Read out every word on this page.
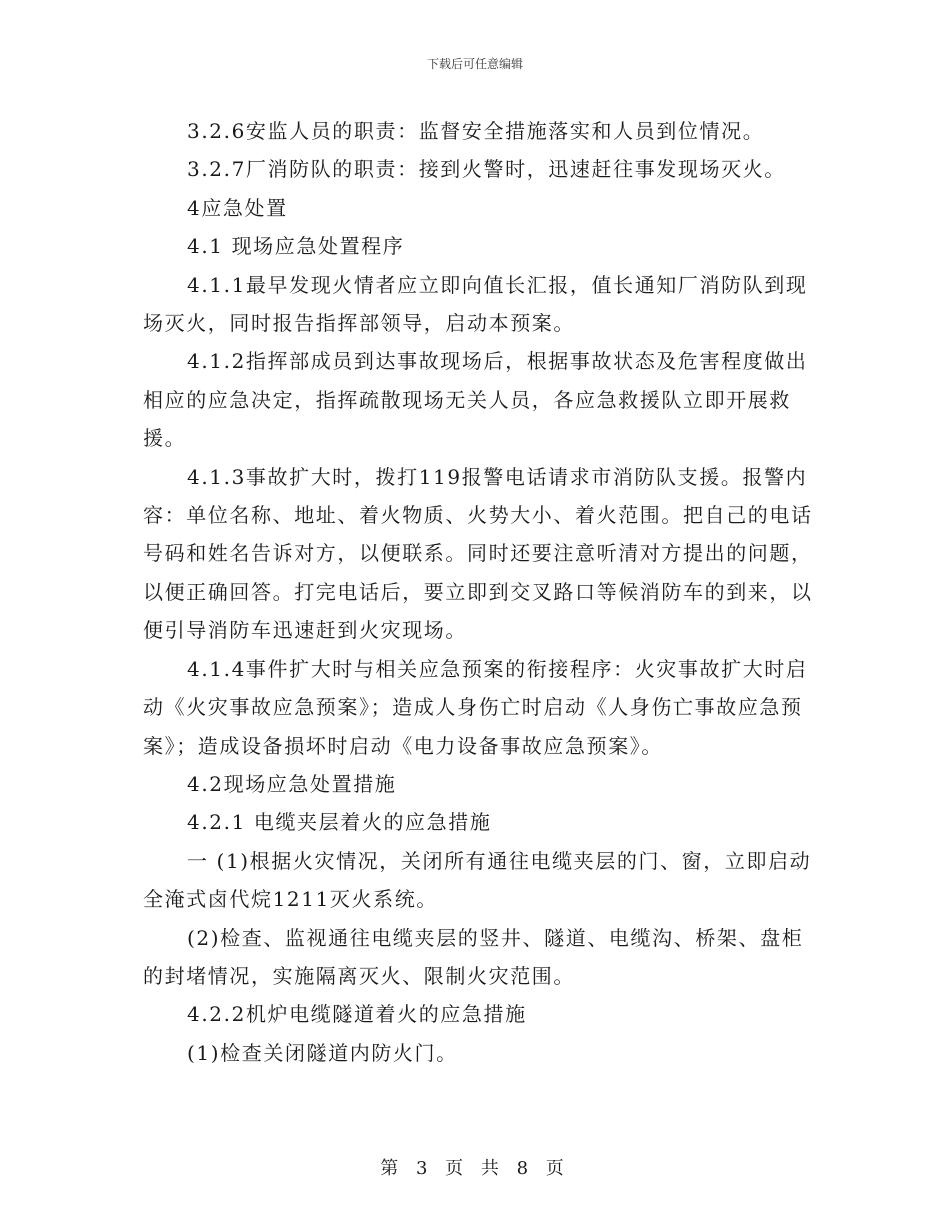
下载后可任意编辑

3.2.6安监人员的职责：监督安全措施落实和人员到位情况。

3.2.7厂消防队的职责：接到火警时，迅速赶往事发现场灭火。

4应急处置

4.1 现场应急处置程序

4.1.1最早发现火情者应立即向值长汇报，值长通知厂消防队到现场灭火，同时报告指挥部领导，启动本预案。

4.1.2指挥部成员到达事故现场后，根据事故状态及危害程度做出相应的应急决定，指挥疏散现场无关人员，各应急救援队立即开展救援。

4.1.3事故扩大时，拨打119报警电话请求市消防队支援。报警内容：单位名称、地址、着火物质、火势大小、着火范围。把自己的电话号码和姓名告诉对方，以便联系。同时还要注意听清对方提出的问题，以便正确回答。打完电话后，要立即到交叉路口等候消防车的到来，以便引导消防车迅速赶到火灾现场。

4.1.4事件扩大时与相关应急预案的衔接程序：火灾事故扩大时启动《火灾事故应急预案》；造成人身伤亡时启动《人身伤亡事故应急预案》；造成设备损坏时启动《电力设备事故应急预案》。

4.2现场应急处置措施

4.2.1 电缆夹层着火的应急措施

一 (1)根据火灾情况，关闭所有通往电缆夹层的门、窗，立即启动全淹式卤代烷1211灭火系统。

(2)检查、监视通往电缆夹层的竖井、隧道、电缆沟、桥架、盘柜的封堵情况，实施隔离灭火、限制火灾范围。

4.2.2机炉电缆隧道着火的应急措施

(1)检查关闭隧道内防火门。

第 3 页 共 8 页
